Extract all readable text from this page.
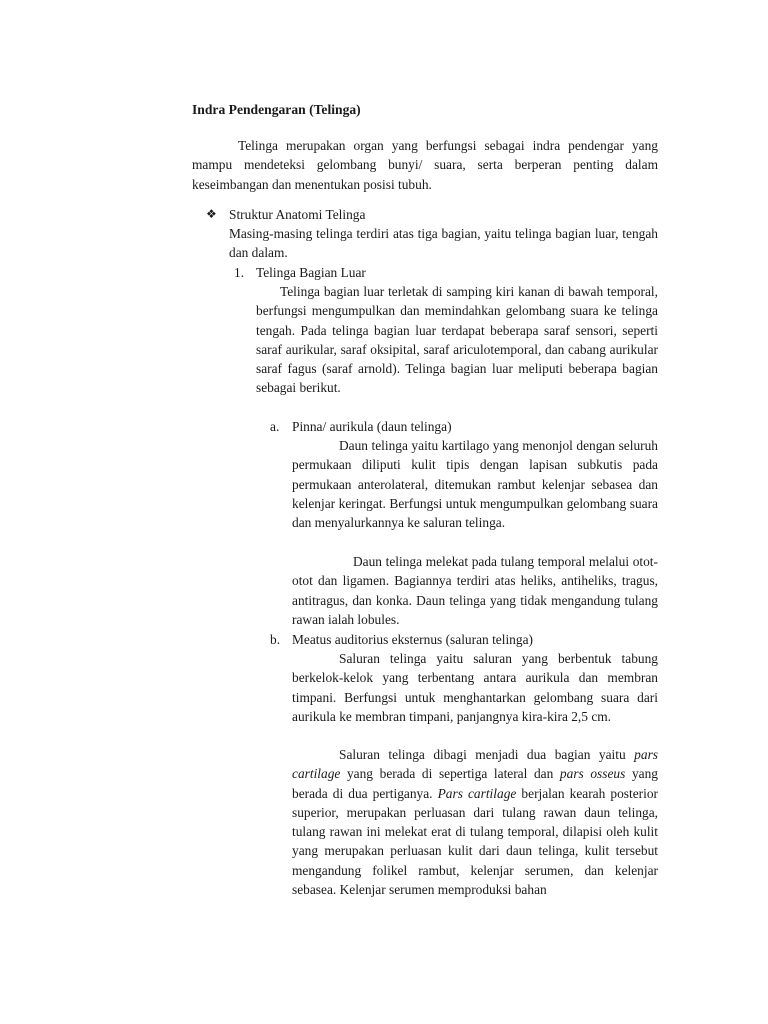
Indra Pendengaran (Telinga)
Telinga merupakan organ yang berfungsi sebagai indra pendengar yang mampu mendeteksi gelombang bunyi/ suara, serta berperan penting dalam keseimbangan dan menentukan posisi tubuh.
❖ Struktur Anatomi Telinga
Masing-masing telinga terdiri atas tiga bagian, yaitu telinga bagian luar, tengah dan dalam.
1. Telinga Bagian Luar
Telinga bagian luar terletak di samping kiri kanan di bawah temporal, berfungsi mengumpulkan dan memindahkan gelombang suara ke telinga tengah. Pada telinga bagian luar terdapat beberapa saraf sensori, seperti saraf aurikular, saraf oksipital, saraf ariculotemporal, dan cabang aurikular saraf fagus (saraf arnold). Telinga bagian luar meliputi beberapa bagian sebagai berikut.
a. Pinna/ aurikula (daun telinga)
Daun telinga yaitu kartilago yang menonjol dengan seluruh permukaan diliputi kulit tipis dengan lapisan subkutis pada permukaan anterolateral, ditemukan rambut kelenjar sebasea dan kelenjar keringat. Berfungsi untuk mengumpulkan gelombang suara dan menyalurkannya ke saluran telinga.
Daun telinga melekat pada tulang temporal melalui otot-otot dan ligamen. Bagiannya terdiri atas heliks, antiheliks, tragus, antitragus, dan konka. Daun telinga yang tidak mengandung tulang rawan ialah lobules.
b. Meatus auditorius eksternus (saluran telinga)
Saluran telinga yaitu saluran yang berbentuk tabung berkelok-kelok yang terbentang antara aurikula dan membran timpani. Berfungsi untuk menghantarkan gelombang suara dari aurikula ke membran timpani, panjangnya kira-kira 2,5 cm.
Saluran telinga dibagi menjadi dua bagian yaitu pars cartilage yang berada di sepertiga lateral dan pars osseus yang berada di dua pertiganya. Pars cartilage berjalan kearah posterior superior, merupakan perluasan dari tulang rawan daun telinga, tulang rawan ini melekat erat di tulang temporal, dilapisi oleh kulit yang merupakan perluasan kulit dari daun telinga, kulit tersebut mengandung folikel rambut, kelenjar serumen, dan kelenjar sebasea. Kelenjar serumen memproduksi bahan
